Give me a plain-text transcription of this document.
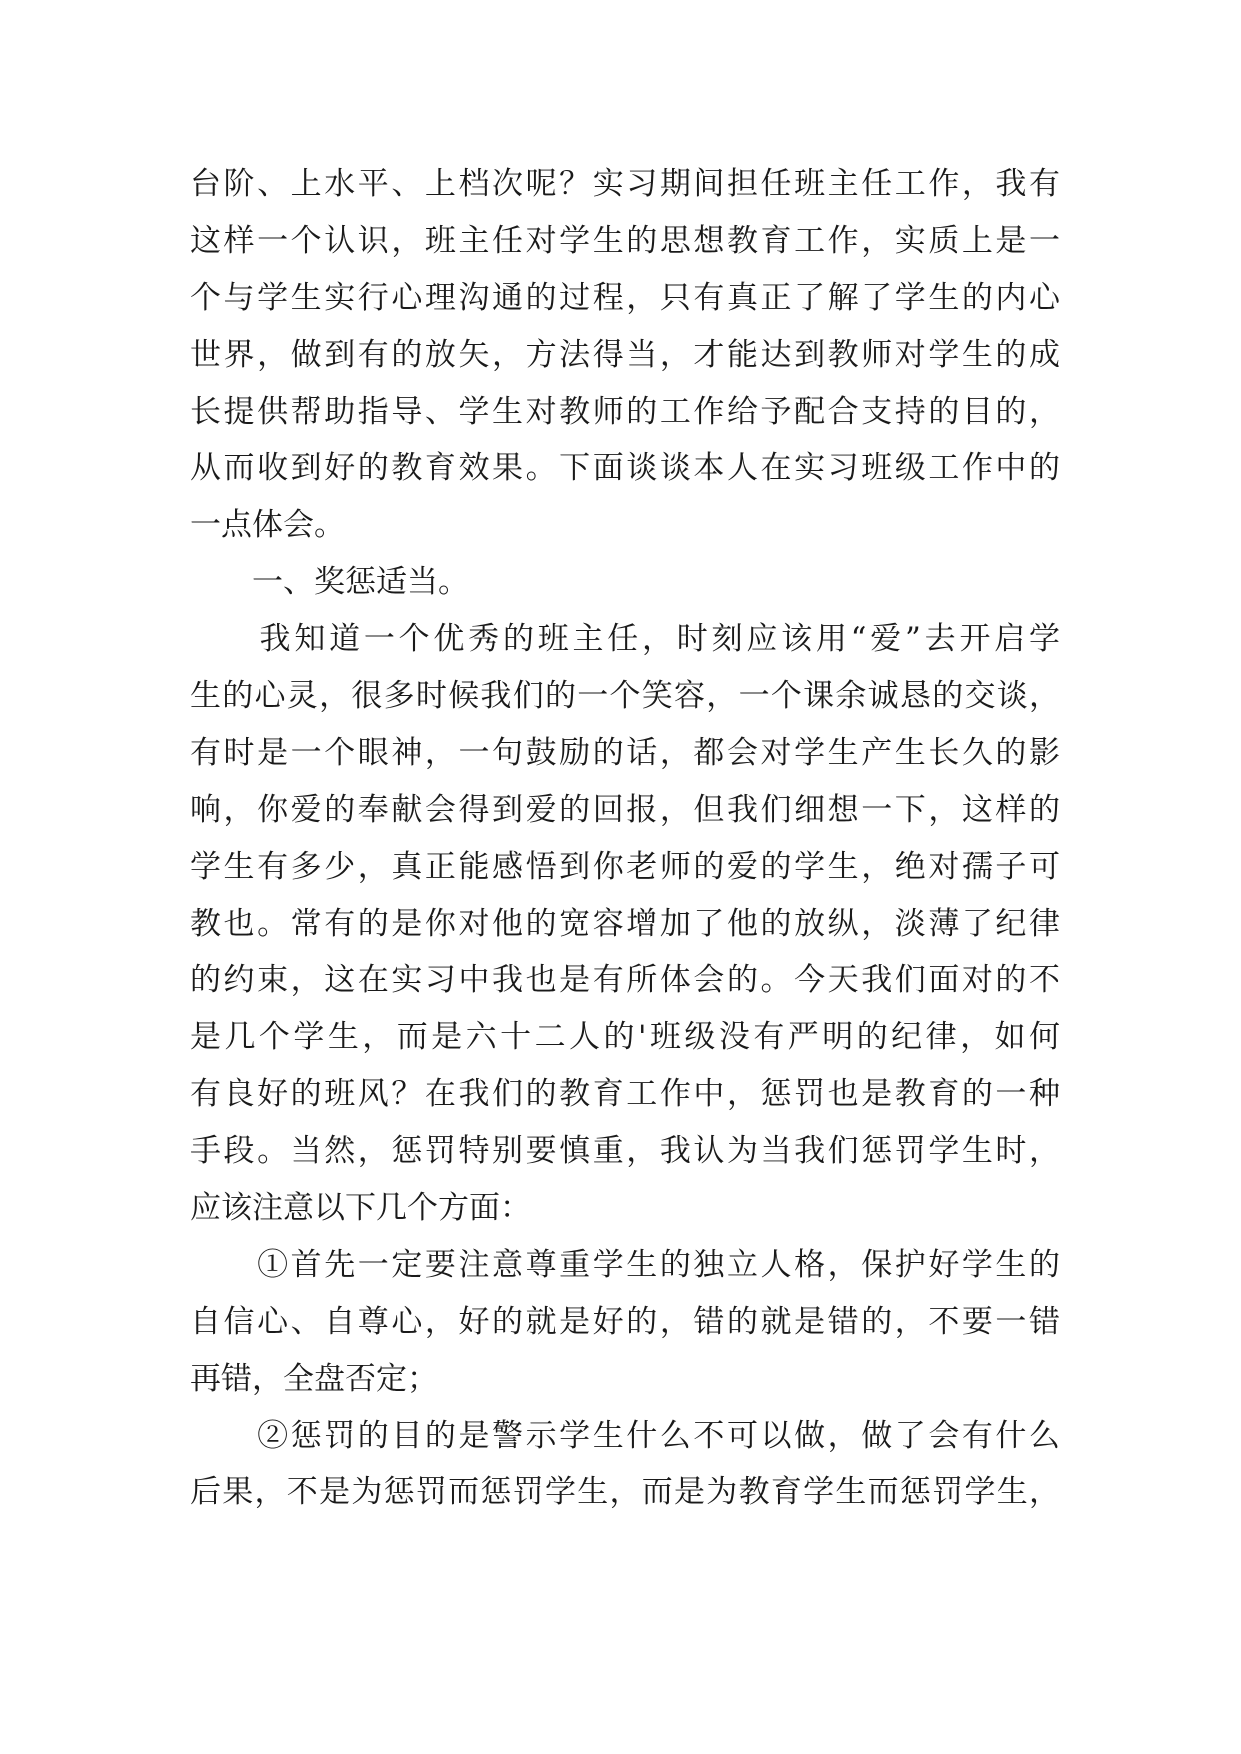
台阶、上水平、上档次呢？实习期间担任班主任工作，我有
这样一个认识，班主任对学生的思想教育工作，实质上是一
个与学生实行心理沟通的过程，只有真正了解了学生的内心
世界，做到有的放矢，方法得当，才能达到教师对学生的成
长提供帮助指导、学生对教师的工作给予配合支持的目的，
从而收到好的教育效果。下面谈谈本人在实习班级工作中的
一点体会。
　　一、奖惩适当。
　　我知道一个优秀的班主任，时刻应该用“爱”去开启学
生的心灵，很多时候我们的一个笑容，一个课余诚恳的交谈，
有时是一个眼神，一句鼓励的话，都会对学生产生长久的影
响，你爱的奉献会得到爱的回报，但我们细想一下，这样的
学生有多少，真正能感悟到你老师的爱的学生，绝对孺子可
教也。常有的是你对他的宽容增加了他的放纵，淡薄了纪律
的约束，这在实习中我也是有所体会的。今天我们面对的不
是几个学生，而是六十二人的'班级没有严明的纪律，如何
有良好的班风？在我们的教育工作中，惩罚也是教育的一种
手段。当然，惩罚特别要慎重，我认为当我们惩罚学生时，
应该注意以下几个方面：
　　①首先一定要注意尊重学生的独立人格，保护好学生的
自信心、自尊心，好的就是好的，错的就是错的，不要一错
再错，全盘否定；
　　②惩罚的目的是警示学生什么不可以做，做了会有什么
后果，不是为惩罚而惩罚学生，而是为教育学生而惩罚学生，
